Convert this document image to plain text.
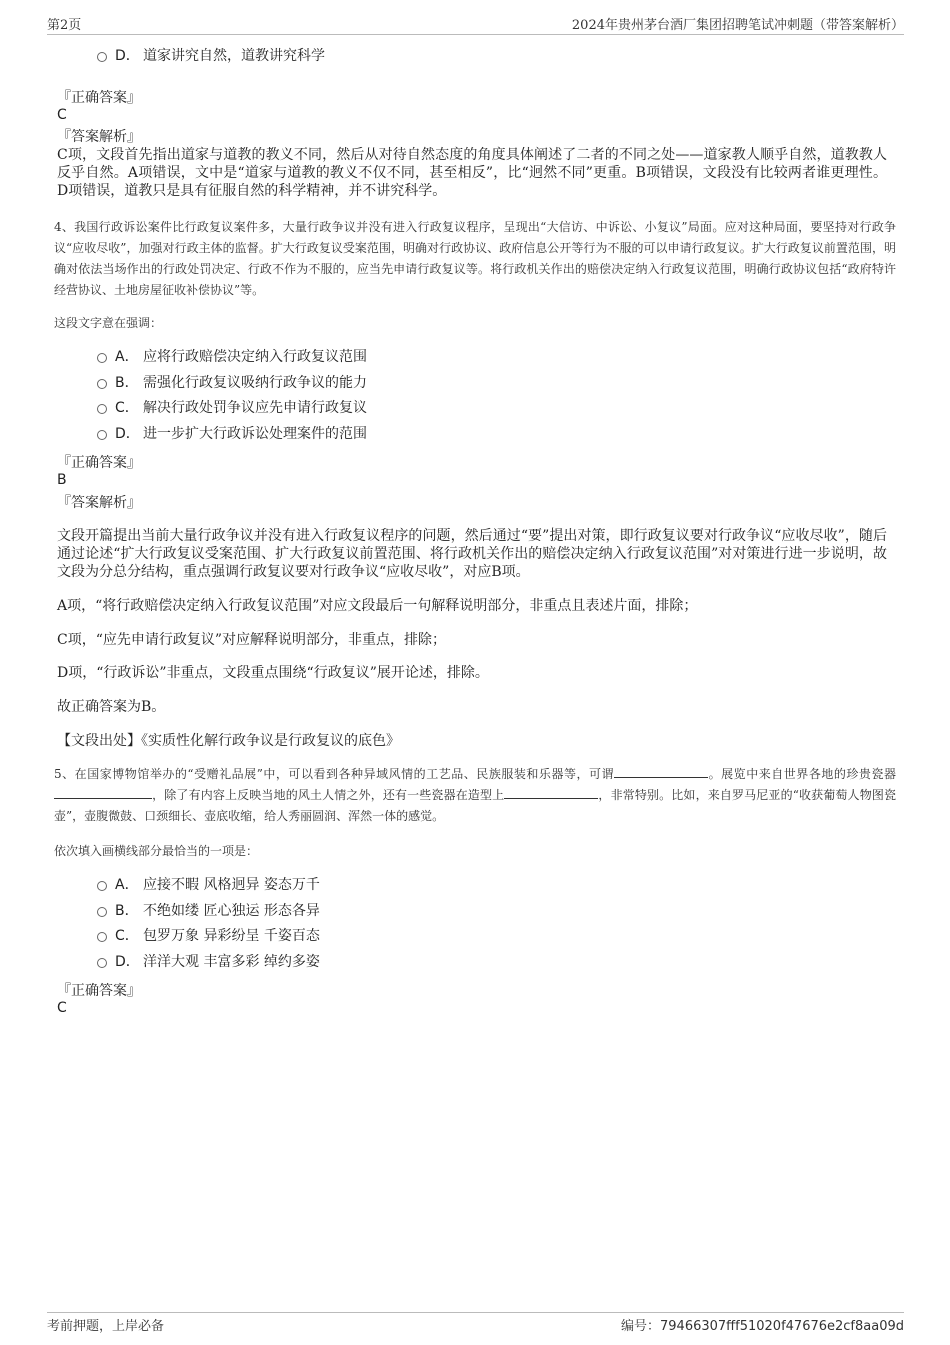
第2页	2024年贵州茅台酒厂集团招聘笔试冲刺题（带答案解析）
D． 道家讲究自然，道教讲究科学
『正确答案』
C
『答案解析』
C项，文段首先指出道家与道教的教义不同，然后从对待自然态度的角度具体阐述了二者的不同之处——道家教人顺乎自然，道教教人反乎自然。A项错误，文中是“道家与道教的教义不仅不同，甚至相反”，比“迥然不同”更重。B项错误，文段没有比较两者谁更理性。D项错误，道教只是具有征服自然的科学精神，并不讲究科学。
4、我国行政诉讼案件比行政复议案件多，大量行政争议并没有进入行政复议程序，呈现出“大信访、中诉讼、小复议”局面。应对这种局面，要坚持对行政争议“应收尽收”，加强对行政主体的监督。扩大行政复议受案范围，明确对行政协议、政府信息公开等行为不服的可以申请行政复议。扩大行政复议前置范围，明确对依法当场作出的行政处罚决定、行政不作为不服的，应当先申请行政复议等。将行政机关作出的赔偿决定纳入行政复议范围，明确行政协议包括“政府特许经营协议、土地房屋征收补偿协议”等。
这段文字意在强调：
A． 应将行政赔偿决定纳入行政复议范围
B． 需强化行政复议吸纳行政争议的能力
C． 解决行政处罚争议应先申请行政复议
D． 进一步扩大行政诉讼处理案件的范围
『正确答案』
B
『答案解析』
文段开篇提出当前大量行政争议并没有进入行政复议程序的问题，然后通过“要”提出对策，即行政复议要对行政争议“应收尽收”，随后通过论述“扩大行政复议受案范围、扩大行政复议前置范围、将行政机关作出的赔偿决定纳入行政复议范围”对对策进行进一步说明，故文段为分总分结构，重点强调行政复议要对行政争议“应收尽收”，对应B项。
A项，“将行政赔偿决定纳入行政复议范围”对应文段最后一句解释说明部分，非重点且表述片面，排除；
C项，“应先申请行政复议”对应解释说明部分，非重点，排除；
D项，“行政诉讼”非重点，文段重点围绕“行政复议”展开论述，排除。
故正确答案为B。
【文段出处】《实质性化解行政争议是行政复议的底色》
5、在国家博物馆举办的“受赠礼品展”中，可以看到各种异域风情的工艺品、民族服装和乐器等，可谓	。展览中来自世界各地的珍贵瓷器，除了有内容上反映当地的风土人情之外，还有一些瓷器在造型上	，非常特别。比如，来自罗马尼亚的“收获葡萄人物图瓷壶”，壶腹微鼓、口颈细长、壶底收缩，给人秀丽圆润、浑然一体的感觉。
依次填入画横线部分最恰当的一项是：
A． 应接不暇 风格迥异 姿态万千
B． 不绝如缕 匠心独运 形态各异
C． 包罗万象 异彩纷呈 千姿百态
D． 洋洋大观 丰富多彩 绰约多姿
『正确答案』
C
考前押题，上岸必备	编号：79466307fff51020f47676e2cf8aa09d
